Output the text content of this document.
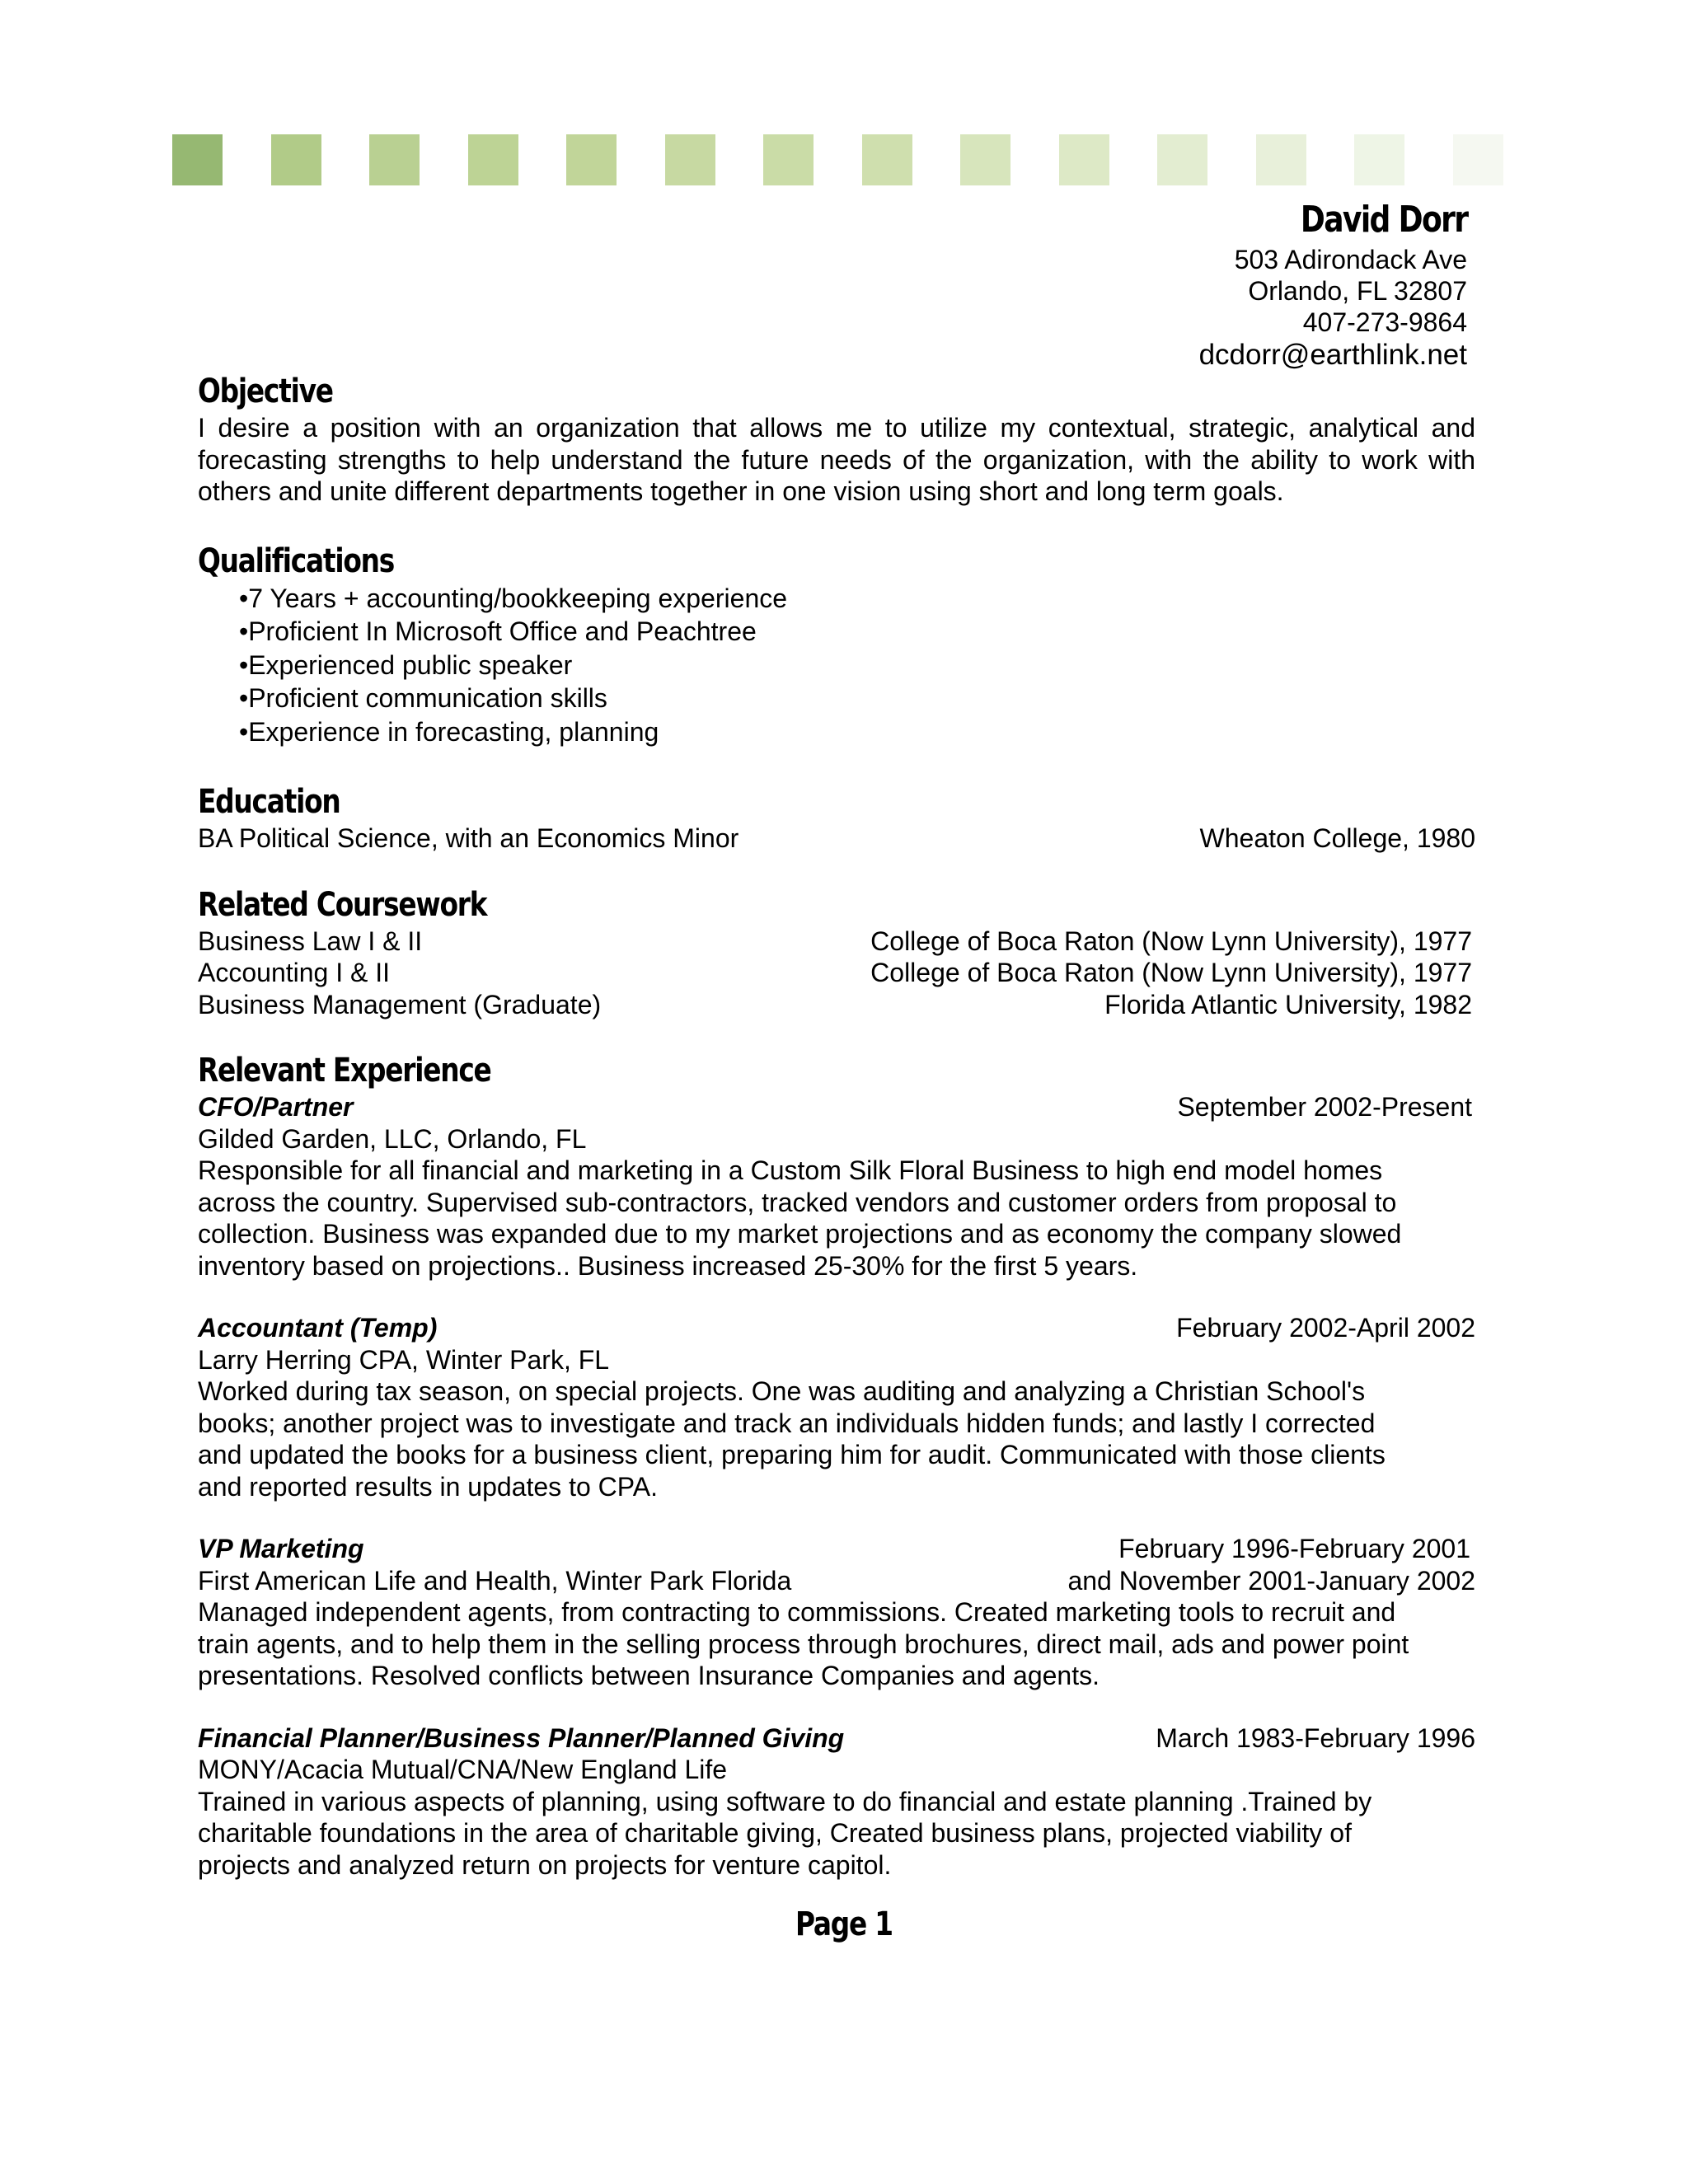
David Dorr
503 Adirondack Ave
Orlando, FL 32807
407-273-9864
dcdorr@earthlink.net
Objective
I desire a position with an organization that allows me to utilize my contextual, strategic, analytical and forecasting strengths to help understand the future needs of the organization, with the ability to work with others and unite different departments together in one vision using short and long term goals.
Qualifications
•7 Years + accounting/bookkeeping experience
•Proficient In Microsoft Office and Peachtree
•Experienced public speaker
•Proficient communication skills
•Experience in forecasting, planning
Education
BA Political Science, with an Economics Minor	Wheaton College, 1980
Related Coursework
Business Law I & II	College of Boca Raton (Now Lynn University), 1977
Accounting I & II	College of Boca Raton (Now Lynn University), 1977
Business Management (Graduate)	Florida Atlantic University, 1982
Relevant Experience
CFO/Partner	September 2002-Present
Gilded Garden, LLC, Orlando, FL
Responsible for all financial and marketing in a Custom Silk Floral Business to high end model homes
across the country. Supervised sub-contractors, tracked vendors and customer orders from proposal to
collection. Business was expanded due to my market projections and as economy the company slowed
inventory based on projections.. Business increased 25-30% for the first 5 years.
Accountant (Temp)	February 2002-April 2002
Larry Herring CPA, Winter Park, FL
Worked during tax season, on special projects. One was auditing and analyzing a Christian School's
books; another project was to investigate and track an individuals hidden funds; and lastly I corrected
and updated the books for a business client, preparing him for audit. Communicated with those clients
and reported results in updates to CPA.
VP Marketing	February 1996-February 2001
First American Life and Health, Winter Park Florida	and November 2001-January 2002
Managed independent agents, from contracting to commissions. Created marketing tools to recruit and
train agents, and to help them in the selling process through brochures, direct mail, ads and power point
presentations. Resolved conflicts between Insurance Companies and agents.
Financial Planner/Business Planner/Planned Giving	March 1983-February 1996
MONY/Acacia Mutual/CNA/New England Life
Trained in various aspects of planning, using software to do financial and estate planning .Trained by
charitable foundations in the area of charitable giving, Created business plans, projected viability of
projects and analyzed return on projects for venture capitol.
Page 1
